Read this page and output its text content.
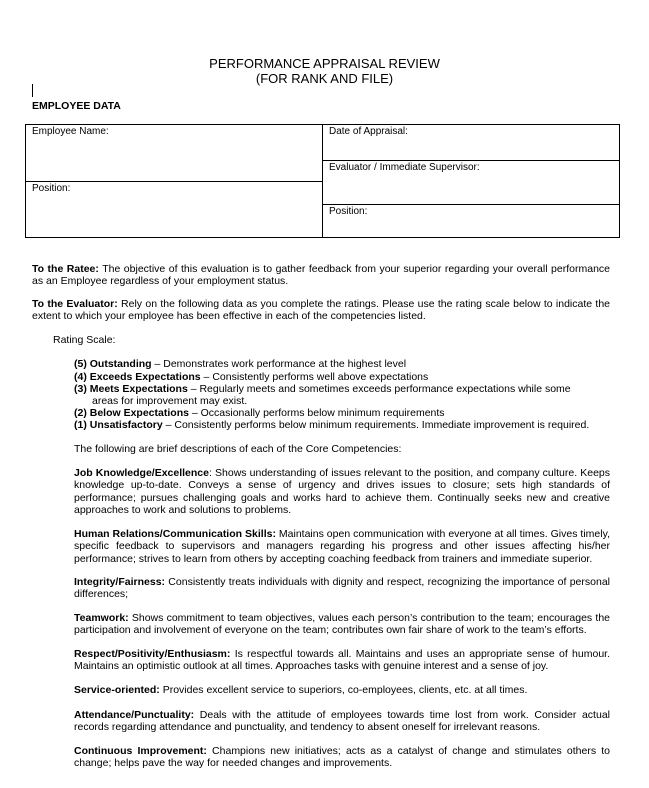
PERFORMANCE APPRAISAL REVIEW
(FOR RANK AND FILE)
EMPLOYEE DATA
Employee Name:
Position:
Date of Appraisal:
Evaluator / Immediate Supervisor:
Position:
To the Ratee: The objective of this evaluation is to gather feedback from your superior regarding your overall performance as an Employee regardless of your employment status.
To the Evaluator: Rely on the following data as you complete the ratings. Please use the rating scale below to indicate the extent to which your employee has been effective in each of the competencies listed.
Rating Scale:
(5) Outstanding – Demonstrates work performance at the highest level
(4) Exceeds Expectations – Consistently performs well above expectations
(3) Meets Expectations – Regularly meets and sometimes exceeds performance expectations while some
areas for improvement may exist.
(2) Below Expectations – Occasionally performs below minimum requirements
(1) Unsatisfactory – Consistently performs below minimum requirements. Immediate improvement is required.
The following are brief descriptions of each of the Core Competencies:
Job Knowledge/Excellence: Shows understanding of issues relevant to the position, and company culture. Keeps knowledge up-to-date. Conveys a sense of urgency and drives issues to closure; sets high standards of performance; pursues challenging goals and works hard to achieve them. Continually seeks new and creative approaches to work and solutions to problems.
Human Relations/Communication Skills: Maintains open communication with everyone at all times. Gives timely, specific feedback to supervisors and managers regarding his progress and other issues affecting his/her performance; strives to learn from others by accepting coaching feedback from trainers and immediate superior.
Integrity/Fairness: Consistently treats individuals with dignity and respect, recognizing the importance of personal differences;
Teamwork: Shows commitment to team objectives, values each person’s contribution to the team; encourages the participation and involvement of everyone on the team; contributes own fair share of work to the team’s efforts.
Respect/Positivity/Enthusiasm: Is respectful towards all. Maintains and uses an appropriate sense of humour. Maintains an optimistic outlook at all times. Approaches tasks with genuine interest and a sense of joy.
Service-oriented: Provides excellent service to superiors, co-employees, clients, etc. at all times.
Attendance/Punctuality: Deals with the attitude of employees towards time lost from work. Consider actual records regarding attendance and punctuality, and tendency to absent oneself for irrelevant reasons.
Continuous Improvement: Champions new initiatives; acts as a catalyst of change and stimulates others to change; helps pave the way for needed changes and improvements.
